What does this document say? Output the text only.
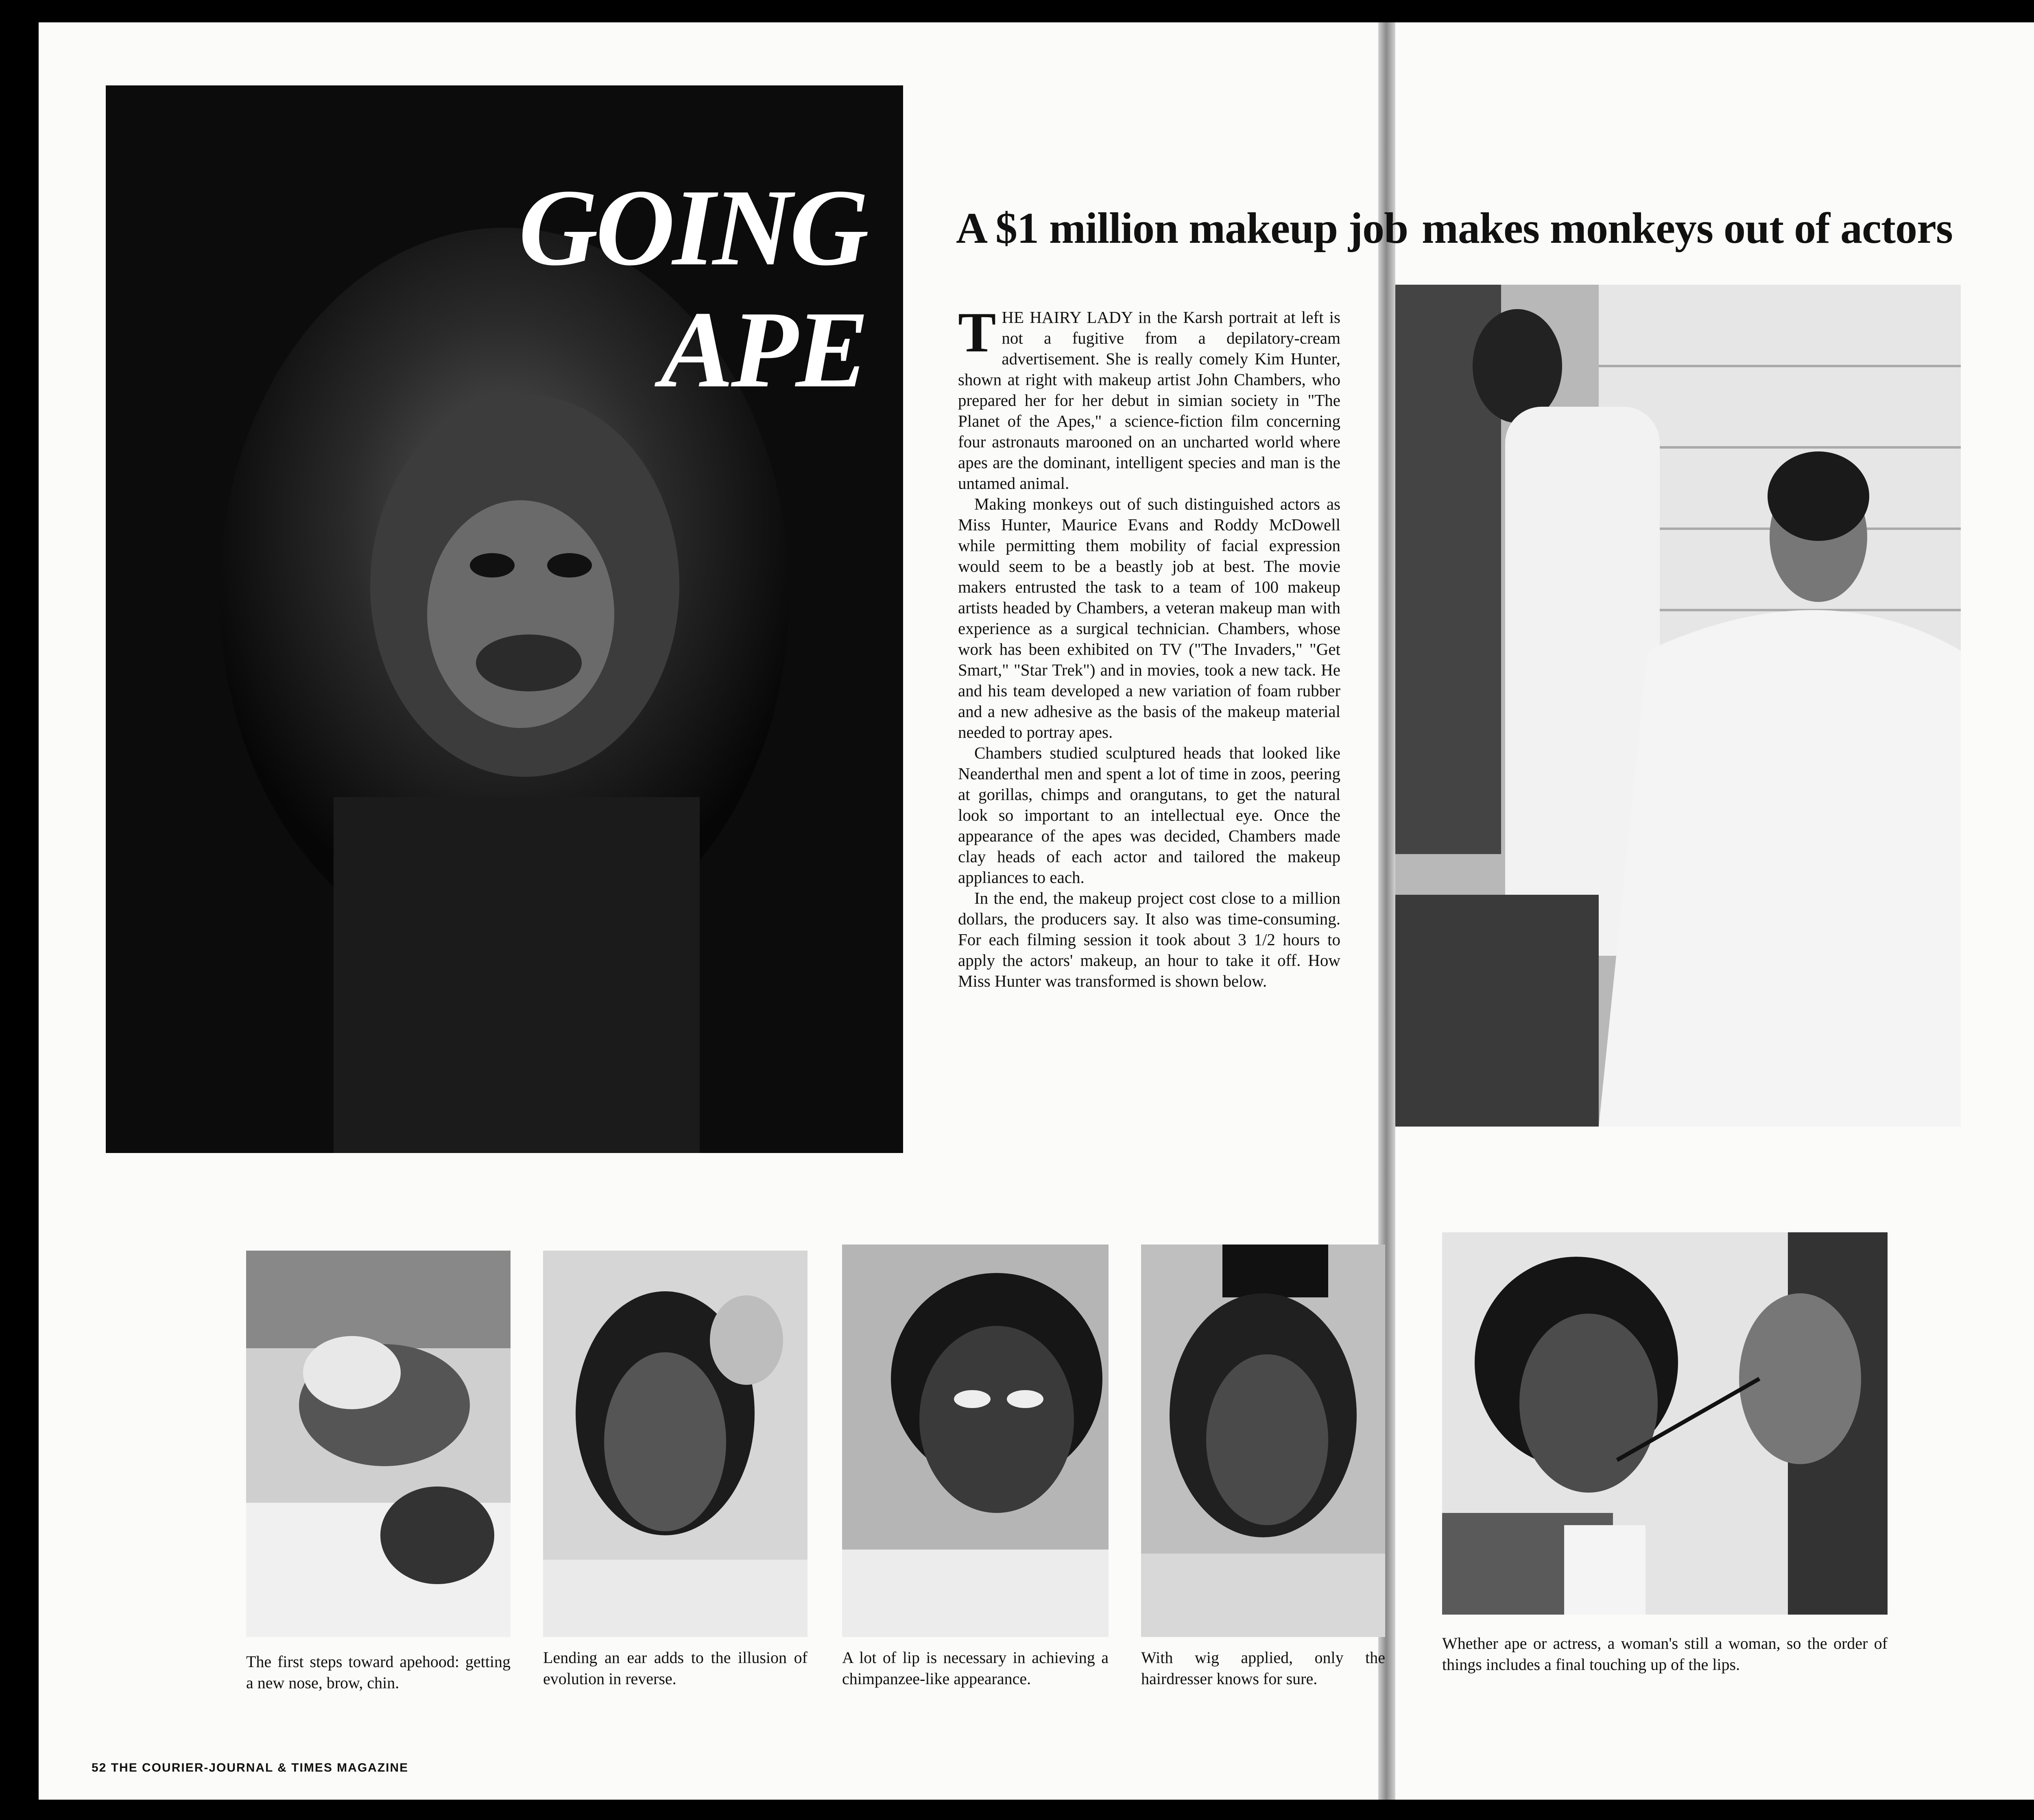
GOING
APE
A $1 million makeup job makes monkeys out of actors

THE HAIRY LADY in the Karsh portrait at left is not a fugitive from a depilatory-cream advertisement. She is really comely Kim Hunter, shown at right with makeup artist John Chambers, who prepared her for her debut in simian society in "The Planet of the Apes," a science-fiction film concerning four astronauts marooned on an uncharted world where apes are the dominant, intelligent species and man is the untamed animal.

Making monkeys out of such distinguished actors as Miss Hunter, Maurice Evans and Roddy McDowell while permitting them mobility of facial expression would seem to be a beastly job at best. The movie makers entrusted the task to a team of 100 makeup artists headed by Chambers, a veteran makeup man with experience as a surgical technician. Chambers, whose work has been exhibited on TV ("The Invaders," "Get Smart," "Star Trek") and in movies, took a new tack. He and his team developed a new variation of foam rubber and a new adhesive as the basis of the makeup material needed to portray apes.

Chambers studied sculptured heads that looked like Neanderthal men and spent a lot of time in zoos, peering at gorillas, chimps and orangutans, to get the natural look so important to an intellectual eye. Once the appearance of the apes was decided, Chambers made clay heads of each actor and tailored the makeup appliances to each.

In the end, the makeup project cost close to a million dollars, the producers say. It also was time-consuming. For each filming session it took about 3 1/2 hours to apply the actors' makeup, an hour to take it off. How Miss Hunter was transformed is shown below.

The first steps toward apehood: getting a new nose, brow, chin.
Lending an ear adds to the illusion of evolution in reverse.
A lot of lip is necessary in achieving a chimpanzee-like appearance.
With wig applied, only the hairdresser knows for sure.
Whether ape or actress, a woman's still a woman, so the order of things includes a final touching up of the lips.
52 THE COURIER-JOURNAL & TIMES MAGAZINE
